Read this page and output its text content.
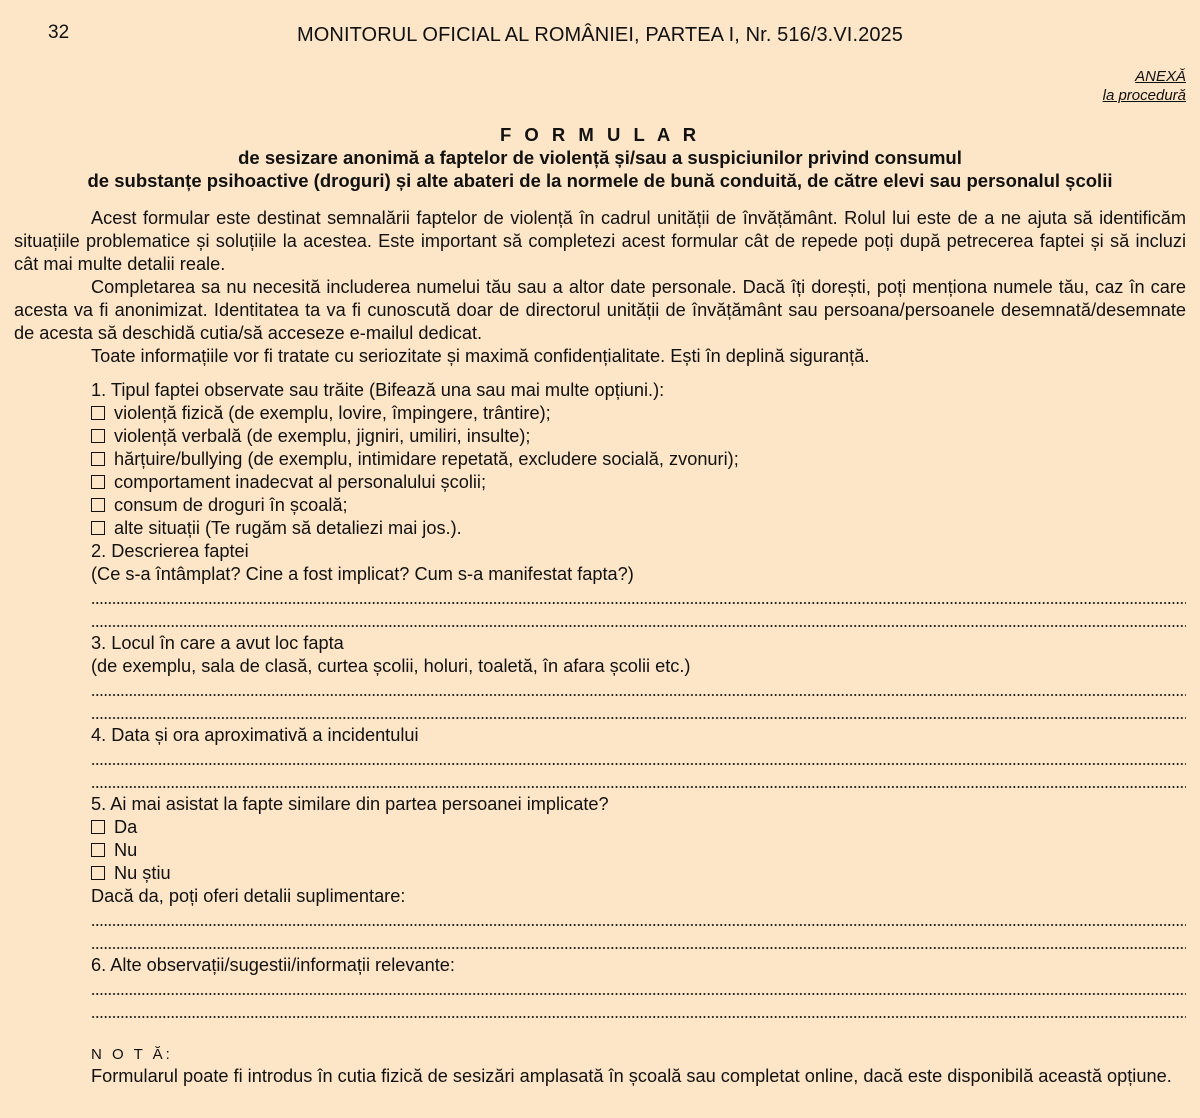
32	MONITORUL OFICIAL AL ROMÂNIEI, PARTEA I, Nr. 516/3.VI.2025
ANEXĂ
la procedură
F O R M U L A R
de sesizare anonimă a faptelor de violență și/sau a suspiciunilor privind consumul
de substanțe psihoactive (droguri) și alte abateri de la normele de bună conduită, de către elevi sau personalul școlii

Acest formular este destinat semnalării faptelor de violență în cadrul unității de învățământ. Rolul lui este de a ne ajuta să identificăm situațiile problematice și soluțiile la acestea. Este important să completezi acest formular cât de repede poți după petrecerea faptei și să incluzi cât mai multe detalii reale.

Completarea sa nu necesită includerea numelui tău sau a altor date personale. Dacă îți dorești, poți menționa numele tău, caz în care acesta va fi anonimizat. Identitatea ta va fi cunoscută doar de directorul unității de învățământ sau persoana/persoanele desemnată/desemnate de acesta să deschidă cutia/să acceseze e-mailul dedicat.

Toate informațiile vor fi tratate cu seriozitate și maximă confidențialitate. Ești în deplină siguranță.

1. Tipul faptei observate sau trăite (Bifează una sau mai multe opțiuni.):

violență fizică (de exemplu, lovire, împingere, trântire);

violență verbală (de exemplu, jigniri, umiliri, insulte);

hărțuire/bullying (de exemplu, intimidare repetată, excludere socială, zvonuri);

comportament inadecvat al personalului școlii;

consum de droguri în școală;

alte situații (Te rugăm să detaliezi mai jos.).

2. Descrierea faptei

(Ce s-a întâmplat? Cine a fost implicat? Cum s-a manifestat fapta?)

3. Locul în care a avut loc fapta

(de exemplu, sala de clasă, curtea școlii, holuri, toaletă, în afara școlii etc.)

4. Data și ora aproximativă a incidentului

5. Ai mai asistat la fapte similare din partea persoanei implicate?

Da

Nu

Nu știu

Dacă da, poți oferi detalii suplimentare:

6. Alte observații/sugestii/informații relevante:

N O T Ă:

Formularul poate fi introdus în cutia fizică de sesizări amplasată în școală sau completat online, dacă este disponibilă această opțiune.
